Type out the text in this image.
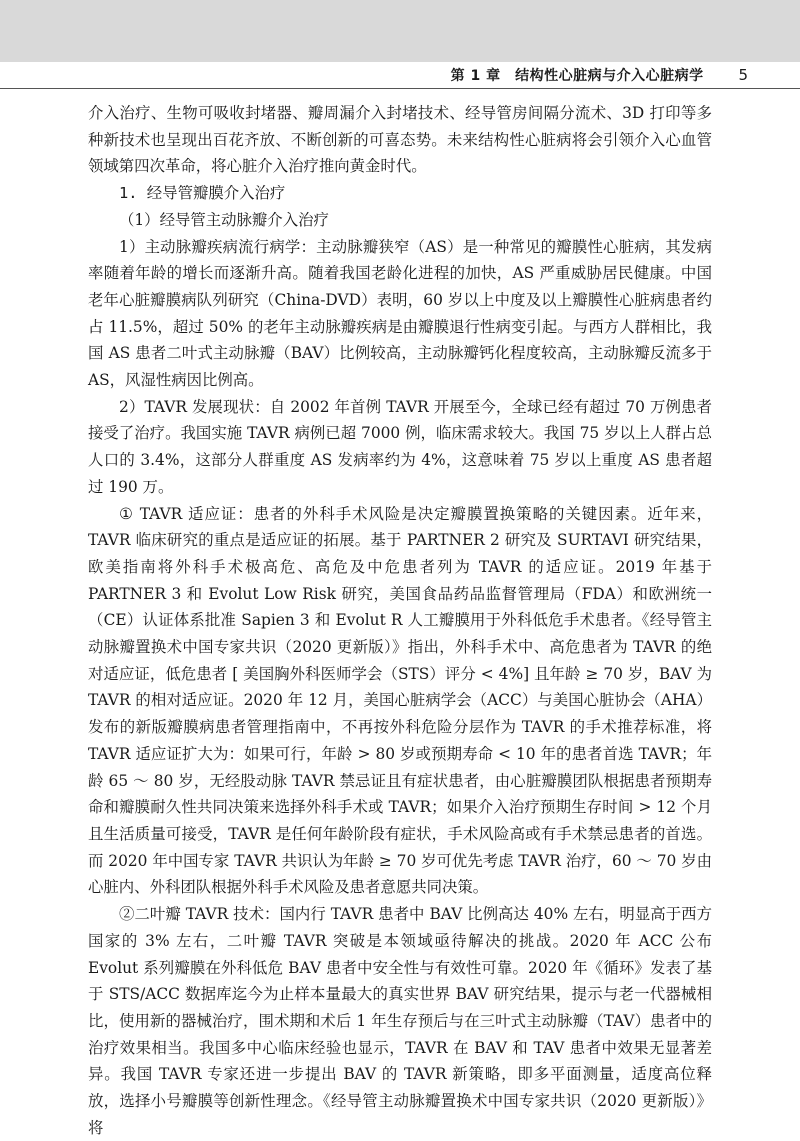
第 1 章　结构性心脏病与介入心脏病学 5

介入治疗、生物可吸收封堵器、瓣周漏介入封堵技术、经导管房间隔分流术、3D 打印等多种新技术也呈现出百花齐放、不断创新的可喜态势。未来结构性心脏病将会引领介入心血管领域第四次革命，将心脏介入治疗推向黄金时代。

1. 经导管瓣膜介入治疗

（1）经导管主动脉瓣介入治疗

1）主动脉瓣疾病流行病学：主动脉瓣狭窄（AS）是一种常见的瓣膜性心脏病，其发病率随着年龄的增长而逐渐升高。随着我国老龄化进程的加快，AS 严重威胁居民健康。中国老年心脏瓣膜病队列研究（China-DVD）表明，60 岁以上中度及以上瓣膜性心脏病患者约占 11.5%，超过 50% 的老年主动脉瓣疾病是由瓣膜退行性病变引起。与西方人群相比，我国 AS 患者二叶式主动脉瓣（BAV）比例较高，主动脉瓣钙化程度较高，主动脉瓣反流多于 AS，风湿性病因比例高。

2）TAVR 发展现状：自 2002 年首例 TAVR 开展至今，全球已经有超过 70 万例患者接受了治疗。我国实施 TAVR 病例已超 7000 例，临床需求较大。我国 75 岁以上人群占总人口的 3.4%，这部分人群重度 AS 发病率约为 4%，这意味着 75 岁以上重度 AS 患者超过 190 万。

① TAVR 适应证：患者的外科手术风险是决定瓣膜置换策略的关键因素。近年来，TAVR 临床研究的重点是适应证的拓展。基于 PARTNER 2 研究及 SURTAVI 研究结果，欧美指南将外科手术极高危、高危及中危患者列为 TAVR 的适应证。2019 年基于 PARTNER 3 和 Evolut Low Risk 研究，美国食品药品监督管理局（FDA）和欧洲统一（CE）认证体系批准 Sapien 3 和 Evolut R 人工瓣膜用于外科低危手术患者。《经导管主动脉瓣置换术中国专家共识（2020 更新版）》指出，外科手术中、高危患者为 TAVR 的绝对适应证，低危患者 [ 美国胸外科医师学会（STS）评分 < 4%] 且年龄 ≥ 70 岁，BAV 为 TAVR 的相对适应证。2020 年 12 月，美国心脏病学会（ACC）与美国心脏协会（AHA）发布的新版瓣膜病患者管理指南中，不再按外科危险分层作为 TAVR 的手术推荐标准，将 TAVR 适应证扩大为：如果可行，年龄 > 80 岁或预期寿命 < 10 年的患者首选 TAVR；年龄 65 ～ 80 岁，无经股动脉 TAVR 禁忌证且有症状患者，由心脏瓣膜团队根据患者预期寿命和瓣膜耐久性共同决策来选择外科手术或 TAVR；如果介入治疗预期生存时间 > 12 个月且生活质量可接受，TAVR 是任何年龄阶段有症状，手术风险高或有手术禁忌患者的首选。而 2020 年中国专家 TAVR 共识认为年龄 ≥ 70 岁可优先考虑 TAVR 治疗，60 ～ 70 岁由心脏内、外科团队根据外科手术风险及患者意愿共同决策。

②二叶瓣 TAVR 技术：国内行 TAVR 患者中 BAV 比例高达 40% 左右，明显高于西方国家的 3% 左右，二叶瓣 TAVR 突破是本领域亟待解决的挑战。2020 年 ACC 公布 Evolut 系列瓣膜在外科低危 BAV 患者中安全性与有效性可靠。2020 年《循环》发表了基于 STS/ACC 数据库迄今为止样本量最大的真实世界 BAV 研究结果，提示与老一代器械相比，使用新的器械治疗，围术期和术后 1 年生存预后与在三叶式主动脉瓣（TAV）患者中的治疗效果相当。我国多中心临床经验也显示，TAVR 在 BAV 和 TAV 患者中效果无显著差异。我国 TAVR 专家还进一步提出 BAV 的 TAVR 新策略，即多平面测量，适度高位释放，选择小号瓣膜等创新性理念。《经导管主动脉瓣置换术中国专家共识（2020 更新版）》将
